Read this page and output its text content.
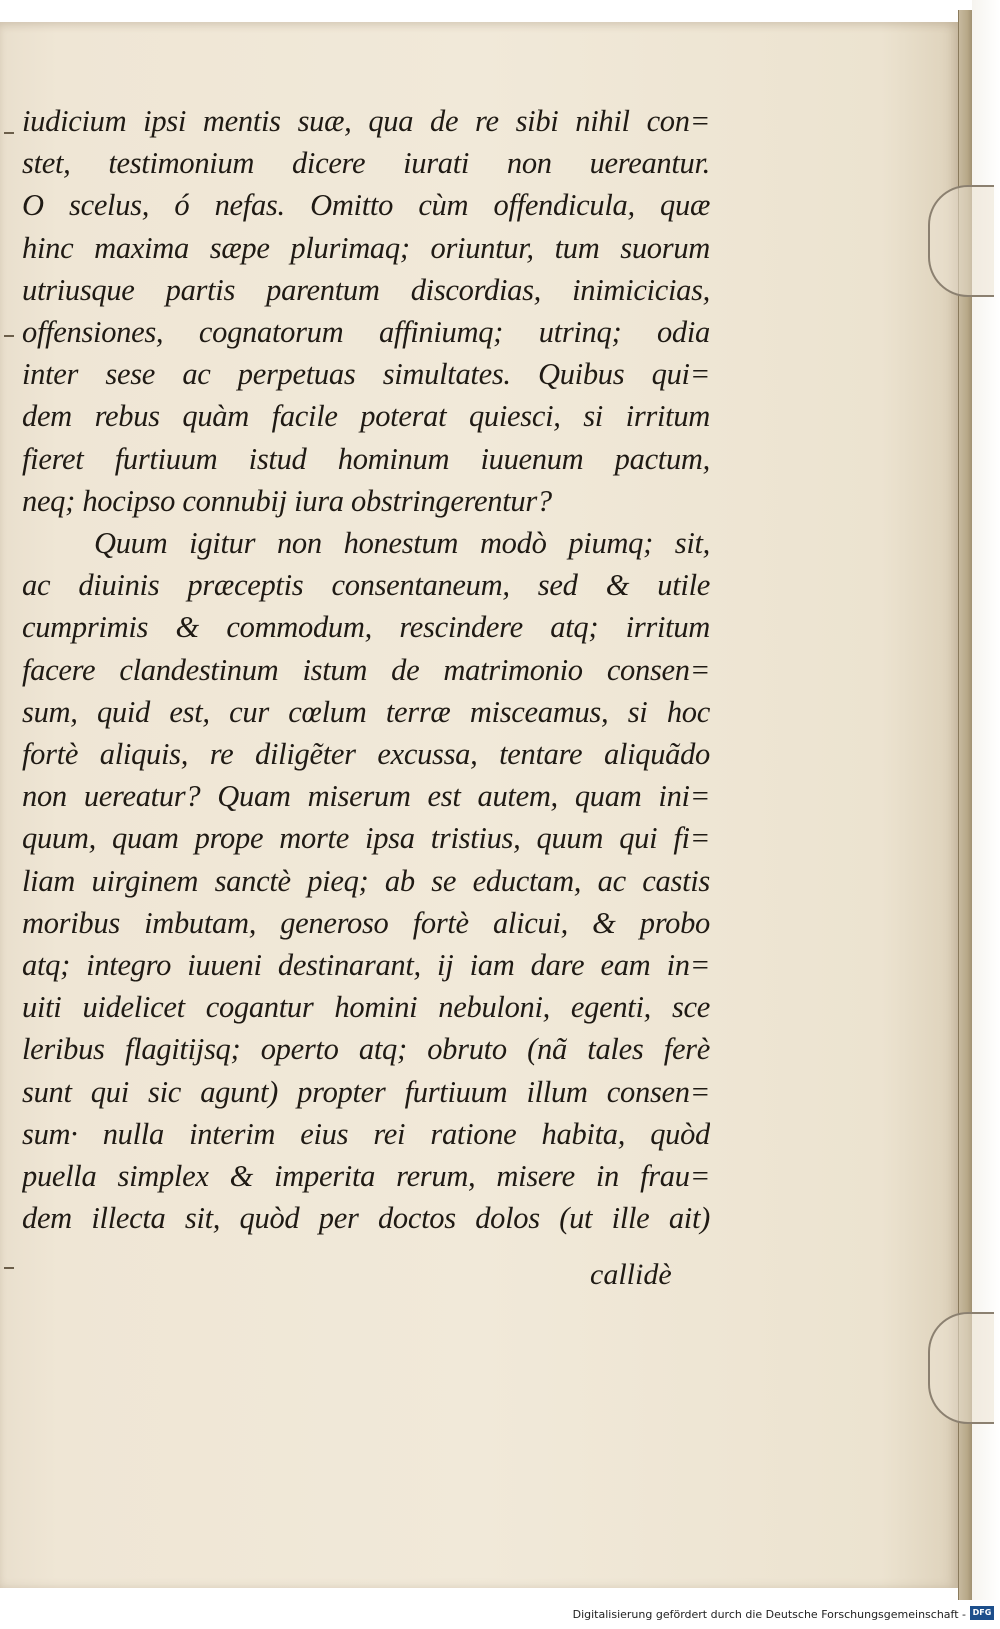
iudicium ipsi mentis suæ, qua de re sibi nihil con=
stet, testimonium dicere iurati non uereantur.
O scelus, ó nefas. Omitto cùm offendicula, quæ
hinc maxima sæpe plurimaq; oriuntur, tum suorum
utriusque partis parentum discordias, inimicicias,
offensiones, cognatorum affiniumq; utrinq; odia
inter sese ac perpetuas simultates. Quibus qui=
dem rebus quàm facile poterat quiesci, si irritum
fieret furtiuum istud hominum iuuenum pactum,
neq; hocipso connubij iura obstringerentur?
Quum igitur non honestum modò piumq; sit,
ac diuinis præceptis consentaneum, sed & utile
cumprimis & commodum, rescindere atq; irritum
facere clandestinum istum de matrimonio consen=
sum, quid est, cur cœlum terræ misceamus, si hoc
fortè aliquis, re diligẽter excussa, tentare aliquãdo
non uereatur? Quam miserum est autem, quam ini=
quum, quam prope morte ipsa tristius, quum qui fi=
liam uirginem sanctè pieq; ab se eductam, ac castis
moribus imbutam, generoso fortè alicui, & probo
atq; integro iuueni destinarant, ij iam dare eam in=
uiti uidelicet cogantur homini nebuloni, egenti, sce
leribus flagitijsq; operto atq; obruto (nã tales ferè
sunt qui sic agunt) propter furtiuum illum consen=
sum· nulla interim eius rei ratione habita, quòd
puella simplex & imperita rerum, misere in frau=
dem illecta sit, quòd per doctos dolos (ut ille ait)
callidè
Digitalisierung gefördert durch die Deutsche Forschungsgemeinschaft - DFG
